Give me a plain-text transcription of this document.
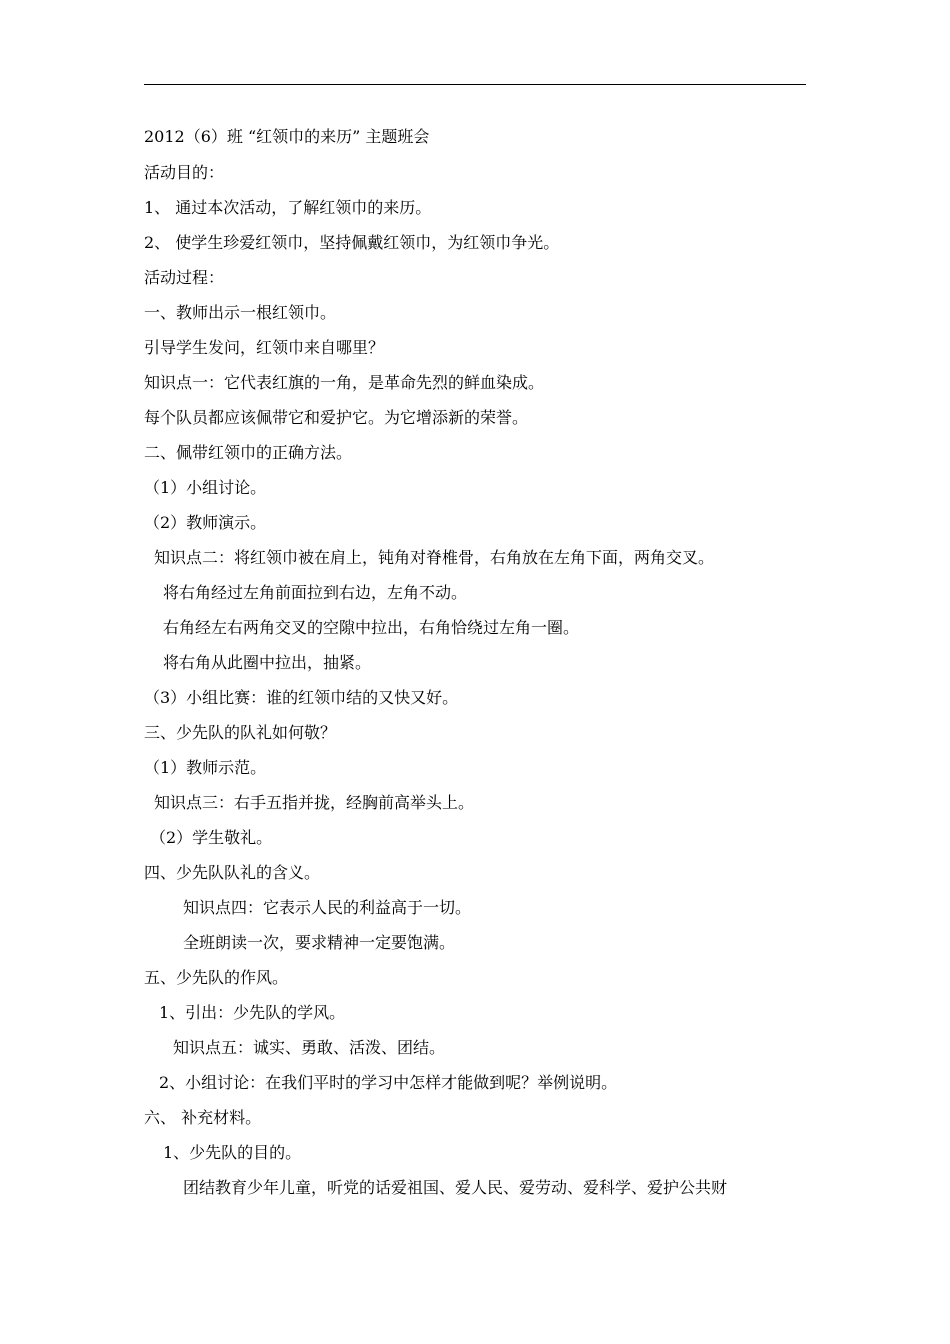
2012（6）班 “红领巾的来历” 主题班会
活动目的：
1、 通过本次活动，了解红领巾的来历。
2、 使学生珍爱红领巾，坚持佩戴红领巾，为红领巾争光。
活动过程：
一、教师出示一根红领巾。
引导学生发问，红领巾来自哪里？
知识点一：它代表红旗的一角，是革命先烈的鲜血染成。
每个队员都应该佩带它和爱护它。为它增添新的荣誉。
二、佩带红领巾的正确方法。
（1）小组讨论。
（2）教师演示。
知识点二：将红领巾被在肩上，钝角对脊椎骨，右角放在左角下面，两角交叉。
将右角经过左角前面拉到右边，左角不动。
右角经左右两角交叉的空隙中拉出，右角恰绕过左角一圈。
将右角从此圈中拉出，抽紧。
（3）小组比赛：谁的红领巾结的又快又好。
三、少先队的队礼如何敬？
（1）教师示范。
知识点三：右手五指并拢，经胸前高举头上。
（2）学生敬礼。
四、少先队队礼的含义。
知识点四：它表示人民的利益高于一切。
全班朗读一次，要求精神一定要饱满。
五、少先队的作风。
1、引出：少先队的学风。
知识点五：诚实、勇敢、活泼、团结。
2、小组讨论：在我们平时的学习中怎样才能做到呢？举例说明。
六、 补充材料。
1、少先队的目的。
团结教育少年儿童，听党的话爱祖国、爱人民、爱劳动、爱科学、爱护公共财
